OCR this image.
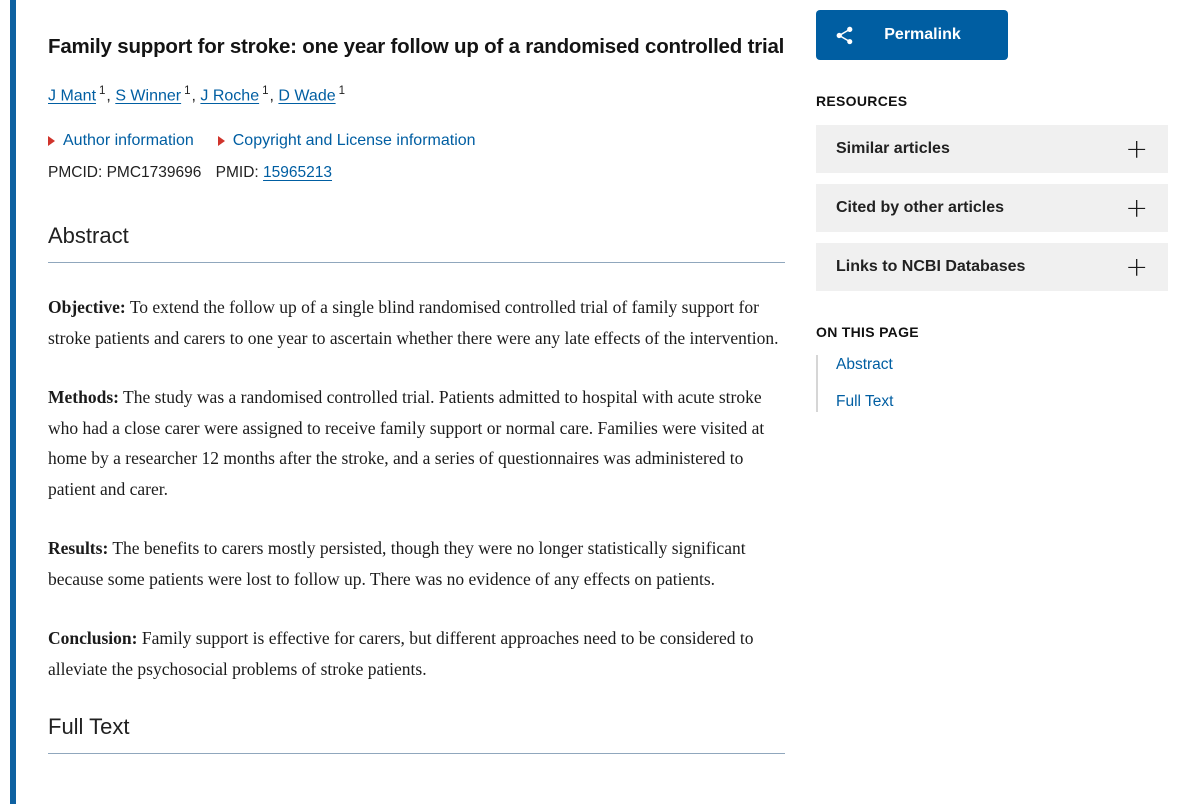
Family support for stroke: one year follow up of a randomised controlled trial
J Mant $^1$, S Winner $^1$, J Roche $^1$, D Wade $^1$
Author information Copyright and License information
PMCID: PMC1739696 PMID: 15965213
Abstract

Objective: To extend the follow up of a single blind randomised controlled trial of family support for stroke patients and carers to one year to ascertain whether there were any late effects of the intervention.

Methods: The study was a randomised controlled trial. Patients admitted to hospital with acute stroke who had a close carer were assigned to receive family support or normal care. Families were visited at home by a researcher 12 months after the stroke, and a series of questionnaires was administered to patient and carer.

Results: The benefits to carers mostly persisted, though they were no longer statistically significant because some patients were lost to follow up. There was no evidence of any effects on patients.

Conclusion: Family support is effective for carers, but different approaches need to be considered to alleviate the psychosocial problems of stroke patients.

Full Text
Permalink
RESOURCES
Similar articles	+
Cited by other articles	+
Links to NCBI Databases	+
ON THIS PAGE
Abstract
Full Text
